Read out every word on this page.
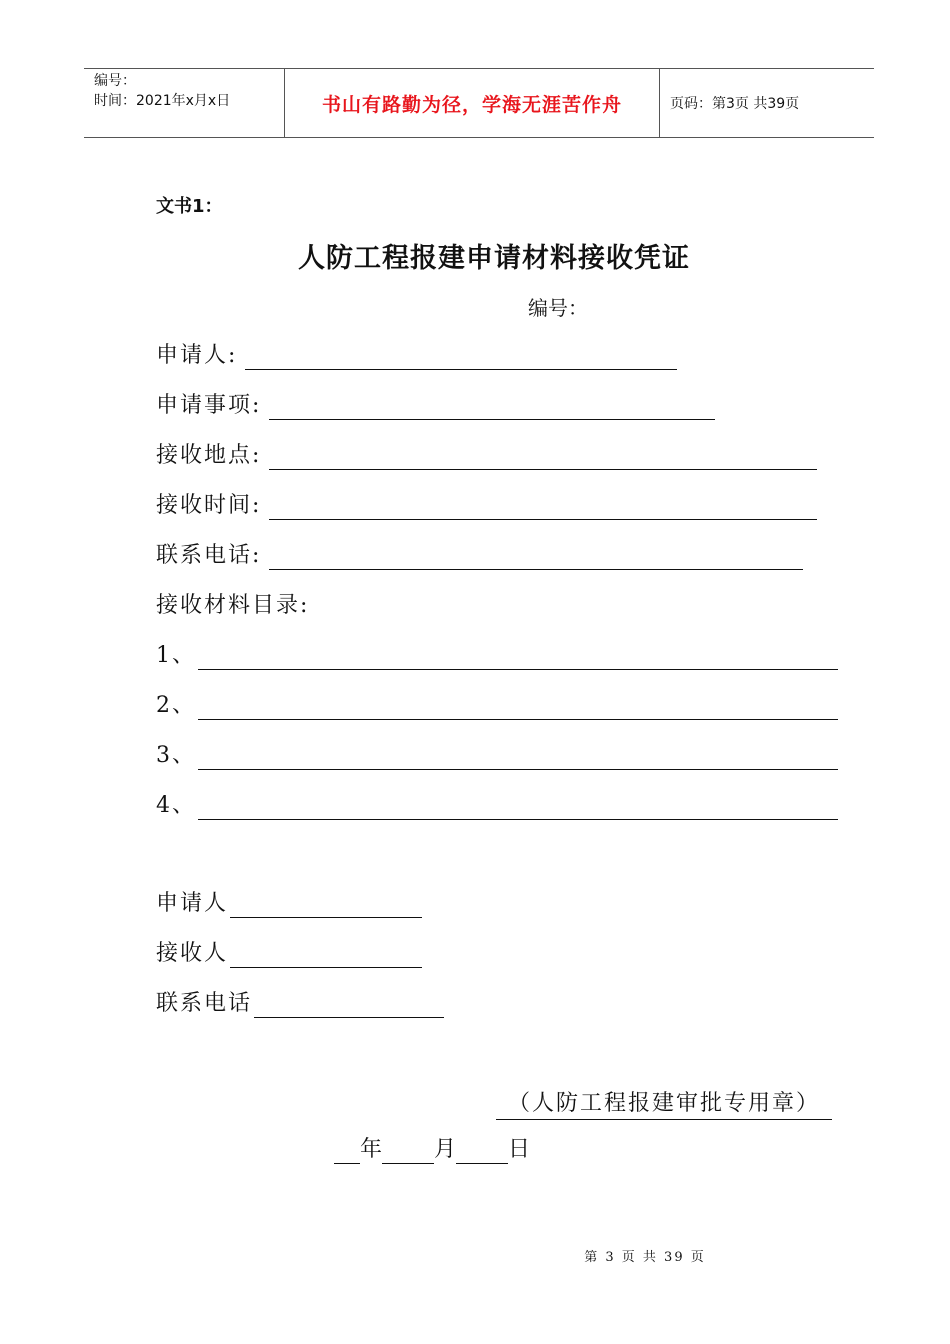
编号：
时间：2021年x月x日	书山有路勤为径，学海无涯苦作舟	页码：第3页 共39页
文书1：
人防工程报建申请材料接收凭证
编号：
申请人:
申请事项:
接收地点:
接收时间:
联系电话:
接收材料目录:
1、
2、
3、
4、
申请人
接收人
联系电话
（人防工程报建审批专用章）
年 月 日
第 3 页 共 39 页
